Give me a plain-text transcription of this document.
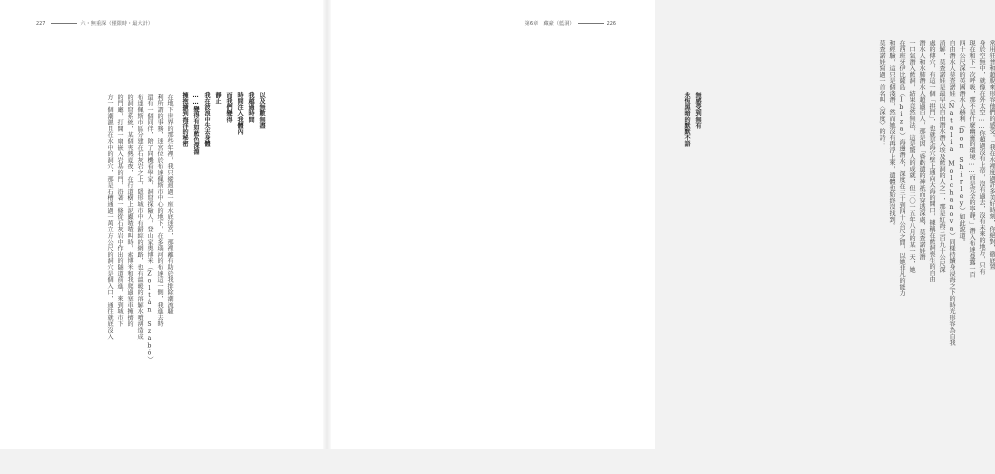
227	六・無重深（僅限時・最大計）
在地下世界的那些年裡，我只縱迴過一座水底迷宮，那裡離有助於我排除潮流騷
利所謂的事務，迷宮位於布達佩斯市中心的地下，在多瑙河的布達這一側，我進去時
還有一個同伴，陪了同機看學家，洞窟探險人，登山家奧博米（Zoltán Szabó）
布達佩斯市區分建在石灰岩之上，隱形城市中有錯綜的網路，也有溫暖的溶解水噴湧造成
的洞窟系統，某個夾熱夏夜，在行道樹上泥蟲喳喳叫時，索博米和我爬過塞車擁擠的
的門廳，打開一扇嵌入岩基的門，沿著一條從石灰岩中作出的隧道前進，來到城市下
方一個潮濕且在水中的洞穴，那是石槽通過一萬立方公尺的洞穴是個入口，通往就底沒入	以及無數無盡
我越過時間
時間注入我體內
而我們變得
靜止
我在波浪中失去身體
……變得有如藍色深淵
擁抱擴到海洋的秘密
第6章　藏豪（藍洞）	226
無感受到無有
永恆黑暗的默默不語	常用狂普和超脫來形容他們的感受。「我在水裡度過許多美好時刻，你絕對，徹底置
身於空無中，就像在外太空……你超過沒有上帝，沒有過去，沒有未來的地方，只有
現在和下一次呼吸，那不是什麼幽靈的環境……而是完全的寧靜。」潛入布達曼露一百
四十公尺深的英國潛水人赫利（Don Shirley）如此說道。
自由潛水人莫查諾娃（Natalia Molchanova）同樣持續身浸海之下的時光形容為自我
消解，莫查諾娃是最早以自由潛水潛入埃及藍洞的人之一，那是紅海三百九十公尺深
處的傳穴，有這一個「拱門」，也就是海穴壁上通向大海的開口，據稱在藍洞喪生的自由
潛水人和水肺潛水人超過百人，那是因「昏虧遺的神祇而穿透深處，莫查諾娃潛
一口氣潛入藍洞，結果竟然無法，這是驚人的成就，但二〇一五年八月的某一天，她
在西班牙伊比薩島（Ibiza）海邊潛水，深度在三十到四十公尺之間，以她非凡的能力
和經驗，這只是個淺潛，然而她沒有再浮上來，遺體也始終沒找到。
莫查諾娃寫過一首名叫〈深度〉的詩：
